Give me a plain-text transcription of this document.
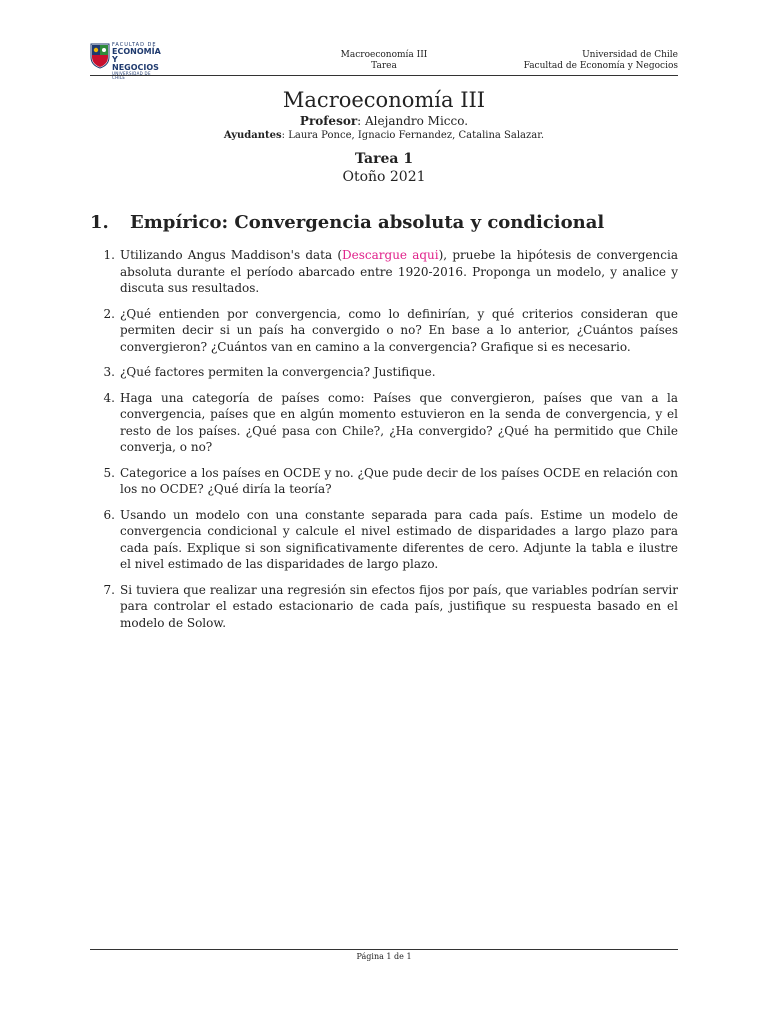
FACULTAD DE
ECONOMÍA Y
NEGOCIOS
UNIVERSIDAD DE CHILE
Macroeconomía III
Tarea
Universidad de Chile
Facultad de Economía y Negocios
Macroeconomía III
Profesor: Alejandro Micco.
Ayudantes: Laura Ponce, Ignacio Fernandez, Catalina Salazar.
Tarea 1
Otoño 2021
1.	Empírico: Convergencia absoluta y condicional
1. Utilizando Angus Maddison's data (Descargue aqui), pruebe la hipótesis de convergencia absoluta durante el período abarcado entre 1920-2016. Proponga un modelo, y analice y discuta sus resultados.
2. ¿Qué entienden por convergencia, como lo definirían, y qué criterios consideran que permiten decir si un país ha convergido o no? En base a lo anterior, ¿Cuántos países convergieron? ¿Cuántos van en camino a la convergencia? Grafique si es necesario.
3. ¿Qué factores permiten la convergencia? Justifique.
4. Haga una categoría de países como: Países que convergieron, países que van a la convergencia, países que en algún momento estuvieron en la senda de convergencia, y el resto de los países. ¿Qué pasa con Chile?, ¿Ha convergido? ¿Qué ha permitido que Chile converja, o no?
5. Categorice a los países en OCDE y no. ¿Que pude decir de los países OCDE en relación con los no OCDE? ¿Qué diría la teoría?
6. Usando un modelo con una constante separada para cada país. Estime un modelo de convergencia condicional y calcule el nivel estimado de disparidades a largo plazo para cada país. Explique si son significativamente diferentes de cero. Adjunte la tabla e ilustre el nivel estimado de las disparidades de largo plazo.
7. Si tuviera que realizar una regresión sin efectos fijos por país, que variables podrían servir para controlar el estado estacionario de cada país, justifique su respuesta basado en el modelo de Solow.
Página 1 de 1
